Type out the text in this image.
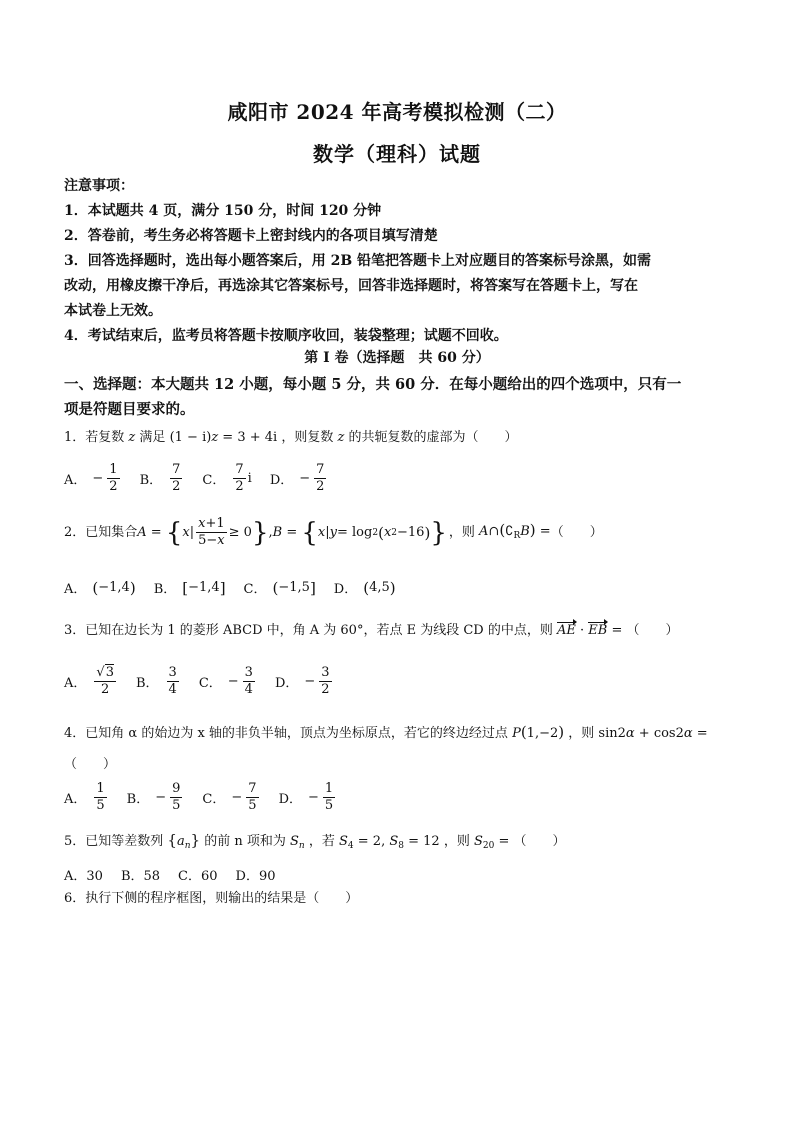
咸阳市 2024 年高考模拟检测（二）
数学（理科）试题
注意事项：
1．本试题共 4 页，满分 150 分，时间 120 分钟
2．答卷前，考生务必将答题卡上密封线内的各项目填写清楚
3．回答选择题时，选出每小题答案后，用 2B 铅笔把答题卡上对应题目的答案标号涂黑，如需
改动，用橡皮擦干净后，再选涂其它答案标号，回答非选择题时，将答案写在答题卡上，写在
本试卷上无效。
4．考试结束后，监考员将答题卡按顺序收回，装袋整理；试题不回收。
第 I 卷（选择题　共 60 分）
一、选择题：本大题共 12 小题，每小题 5 分，共 60 分．在每小题给出的四个选项中，只有一
项是符题目要求的。
1．若复数 z 满足 (1 − i)z = 3 + 4i ，则复数 z 的共轭复数的虚部为（　　）
A． − $\frac{1}{2}$ B． $\frac{7}{2}$ C． $\frac{7}{2}$ i D． − $\frac{7}{2}$
2．已知集合 A = { x | $\frac{x+1}{5-x} \ge 0$ } , B = { x | y = log 2 ( x 2 −16 ) } ，则 $A\cap(∁_RB)$ = （　　）
A． ( −1,4 ) B． [ −1,4 ] C． ( −1,5 ] D． ( 4,5 )
3．已知在边长为 1 的菱形 ABCD 中，角 A 为 60°，若点 E 为线段 CD 的中点，则 AE · EB = （　　）
A． $\frac{√3}{2}$ B． $\frac{3}{4}$ C． − $\frac{3}{4}$ D． − $\frac{3}{2}$
4．已知角 α 的始边为 x 轴的非负半轴，顶点为坐标原点，若它的终边经过点 P(1,−2) ，则 sin2α + cos2α =
（　　）
A． $\frac{1}{5}$ B． − $\frac{9}{5}$ C． − $\frac{7}{5}$ D． − $\frac{1}{5}$
5．已知等差数列 $\{a_n\}$ 的前 n 项和为 $S_n$ ，若 $S_4 = 2$, $S_8 = 12$ ，则 $S_{20}$ = （　　）
A．30 B．58 C．60 D．90
6．执行下侧的程序框图，则输出的结果是（　　）
